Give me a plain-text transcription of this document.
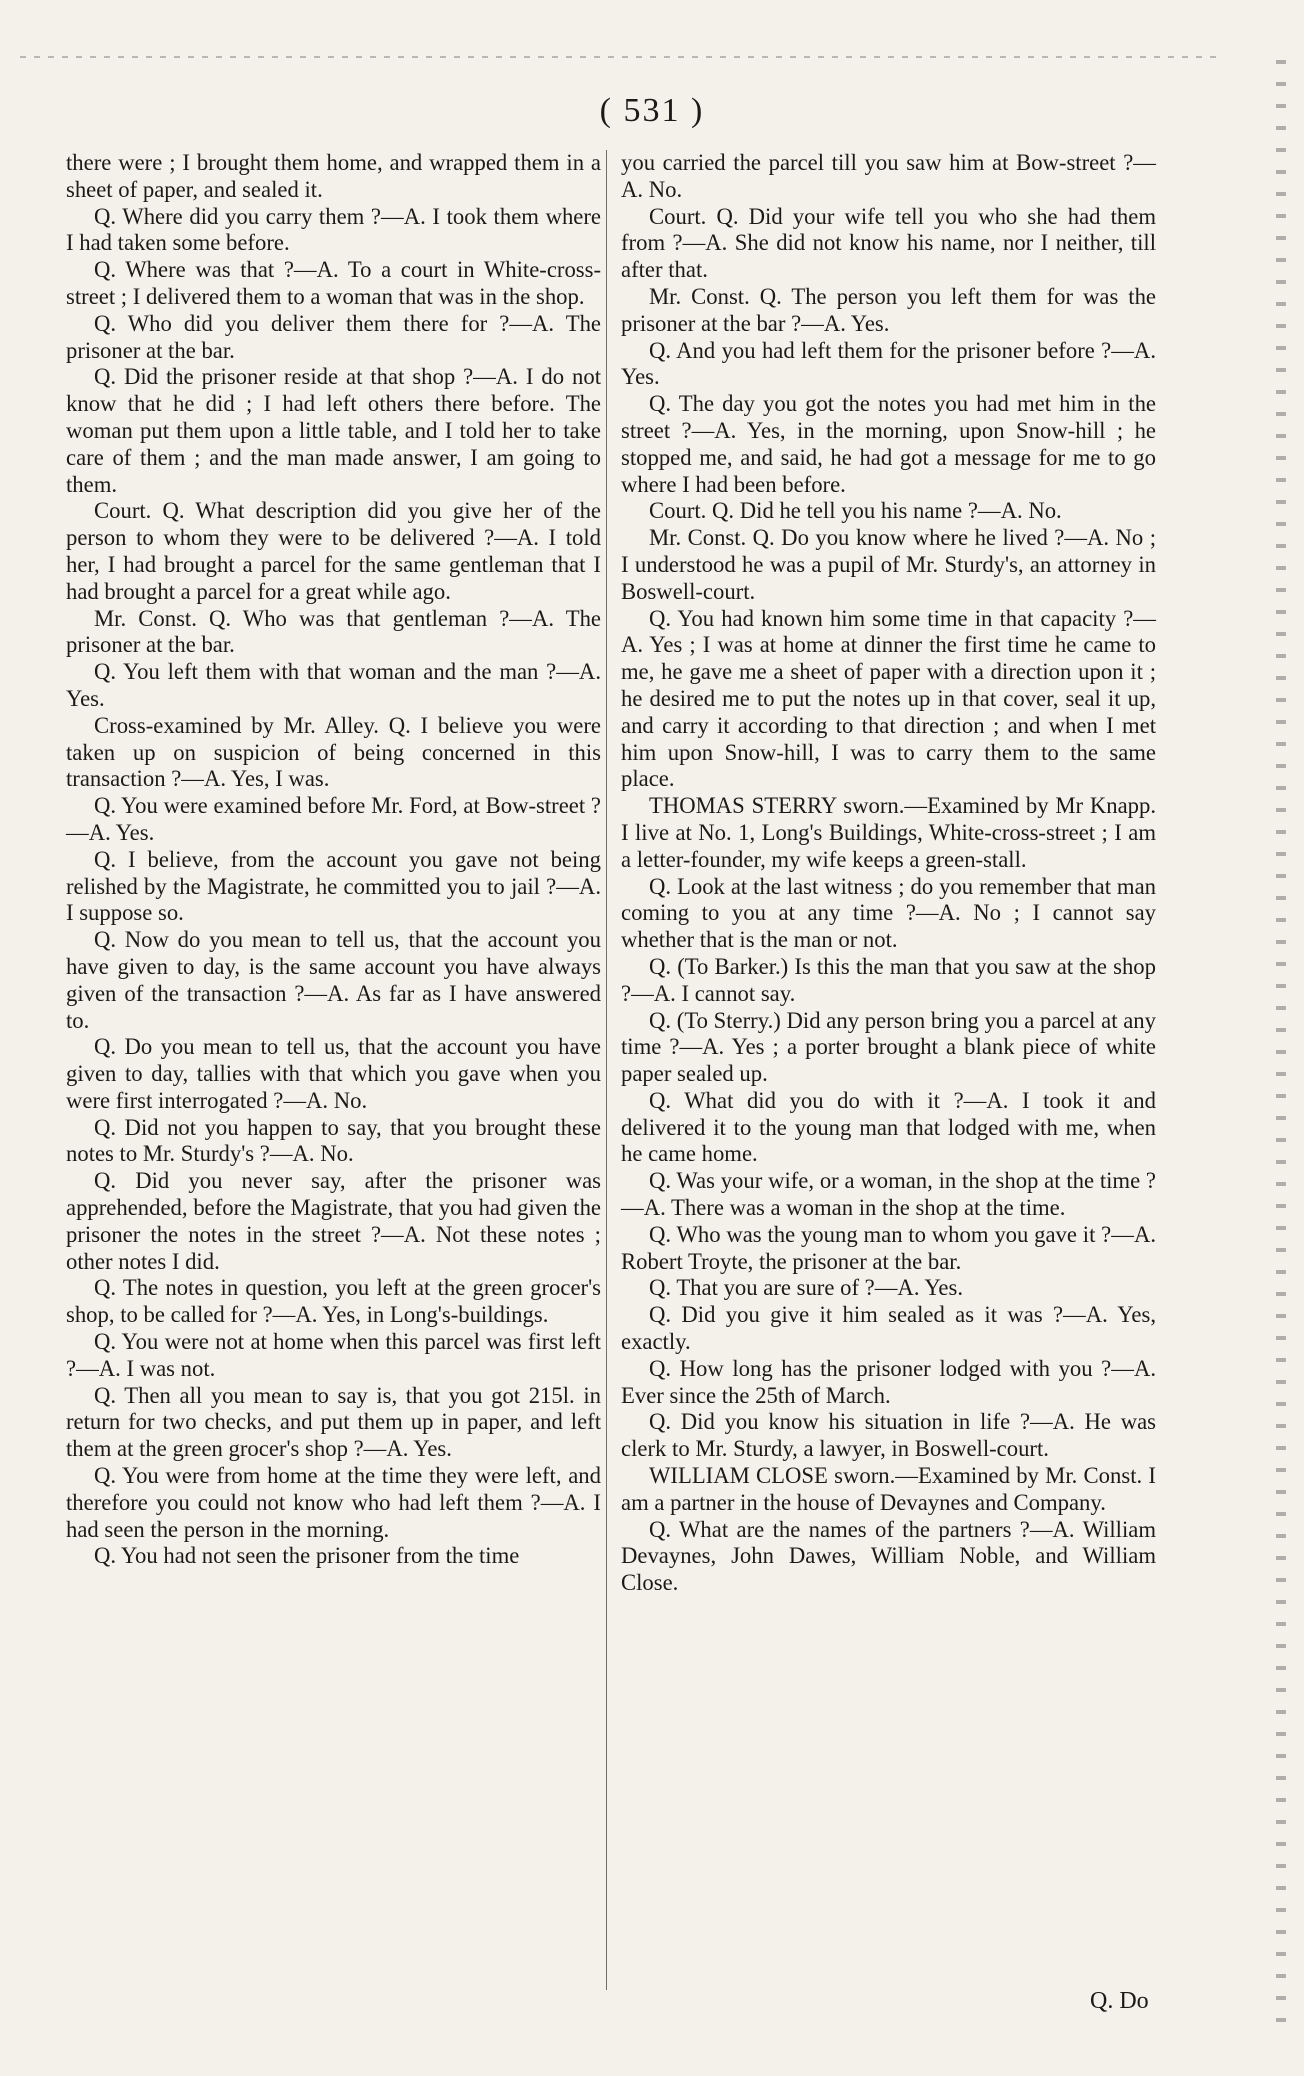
( 531 )

there were ; I brought them home, and wrapped them in a sheet of paper, and sealed it.

Q. Where did you carry them ?—A. I took them where I had taken some before.

Q. Where was that ?—A. To a court in White-cross-street ; I delivered them to a woman that was in the shop.

Q. Who did you deliver them there for ?—A. The prisoner at the bar.

Q. Did the prisoner reside at that shop ?—A. I do not know that he did ; I had left others there before. The woman put them upon a little table, and I told her to take care of them ; and the man made answer, I am going to them.

Court. Q. What description did you give her of the person to whom they were to be delivered ?—A. I told her, I had brought a parcel for the same gentleman that I had brought a parcel for a great while ago.

Mr. Const. Q. Who was that gentleman ?—A. The prisoner at the bar.

Q. You left them with that woman and the man ?—A. Yes.

Cross-examined by Mr. Alley. Q. I believe you were taken up on suspicion of being concerned in this transaction ?—A. Yes, I was.

Q. You were examined before Mr. Ford, at Bow-street ?—A. Yes.

Q. I believe, from the account you gave not being relished by the Magistrate, he committed you to jail ?—A. I suppose so.

Q. Now do you mean to tell us, that the account you have given to day, is the same account you have always given of the transaction ?—A. As far as I have answered to.

Q. Do you mean to tell us, that the account you have given to day, tallies with that which you gave when you were first interrogated ?—A. No.

Q. Did not you happen to say, that you brought these notes to Mr. Sturdy's ?—A. No.

Q. Did you never say, after the prisoner was apprehended, before the Magistrate, that you had given the prisoner the notes in the street ?—A. Not these notes ; other notes I did.

Q. The notes in question, you left at the green grocer's shop, to be called for ?—A. Yes, in Long's-buildings.

Q. You were not at home when this parcel was first left ?—A. I was not.

Q. Then all you mean to say is, that you got 215l. in return for two checks, and put them up in paper, and left them at the green grocer's shop ?—A. Yes.

Q. You were from home at the time they were left, and therefore you could not know who had left them ?—A. I had seen the person in the morning.

Q. You had not seen the prisoner from the time

you carried the parcel till you saw him at Bow-street ?—A. No.

Court. Q. Did your wife tell you who she had them from ?—A. She did not know his name, nor I neither, till after that.

Mr. Const. Q. The person you left them for was the prisoner at the bar ?—A. Yes.

Q. And you had left them for the prisoner before ?—A. Yes.

Q. The day you got the notes you had met him in the street ?—A. Yes, in the morning, upon Snow-hill ; he stopped me, and said, he had got a message for me to go where I had been before.

Court. Q. Did he tell you his name ?—A. No.

Mr. Const. Q. Do you know where he lived ?—A. No ; I understood he was a pupil of Mr. Sturdy's, an attorney in Boswell-court.

Q. You had known him some time in that capacity ?—A. Yes ; I was at home at dinner the first time he came to me, he gave me a sheet of paper with a direction upon it ; he desired me to put the notes up in that cover, seal it up, and carry it according to that direction ; and when I met him upon Snow-hill, I was to carry them to the same place.

THOMAS STERRY sworn.—Examined by Mr Knapp. I live at No. 1, Long's Buildings, White-cross-street ; I am a letter-founder, my wife keeps a green-stall.

Q. Look at the last witness ; do you remember that man coming to you at any time ?—A. No ; I cannot say whether that is the man or not.

Q. (To Barker.) Is this the man that you saw at the shop ?—A. I cannot say.

Q. (To Sterry.) Did any person bring you a parcel at any time ?—A. Yes ; a porter brought a blank piece of white paper sealed up.

Q. What did you do with it ?—A. I took it and delivered it to the young man that lodged with me, when he came home.

Q. Was your wife, or a woman, in the shop at the time ?—A. There was a woman in the shop at the time.

Q. Who was the young man to whom you gave it ?—A. Robert Troyte, the prisoner at the bar.

Q. That you are sure of ?—A. Yes.

Q. Did you give it him sealed as it was ?—A. Yes, exactly.

Q. How long has the prisoner lodged with you ?—A. Ever since the 25th of March.

Q. Did you know his situation in life ?—A. He was clerk to Mr. Sturdy, a lawyer, in Boswell-court.

WILLIAM CLOSE sworn.—Examined by Mr. Const. I am a partner in the house of Devaynes and Company.

Q. What are the names of the partners ?—A. William Devaynes, John Dawes, William Noble, and William Close.

Q. Do
